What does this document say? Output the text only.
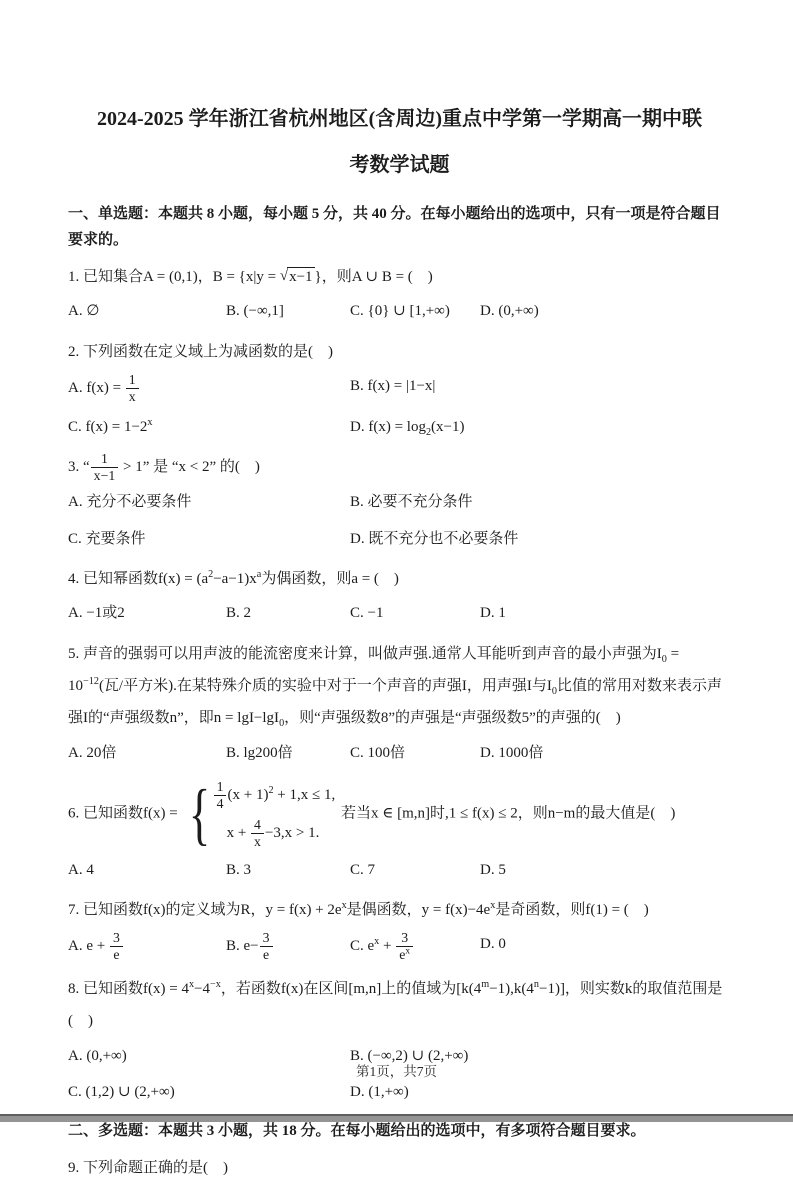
2024-2025 学年浙江省杭州地区(含周边)重点中学第一学期高一期中联
考数学试题
一、单选题：本题共 8 小题，每小题 5 分，共 40 分。在每小题给出的选项中，只有一项是符合题目要求的。
1. 已知集合A = (0,1)，B = {x|y = √x−1 }，则A ∪ B = (　)
A. ∅	B. (−∞,1]	C. {0} ∪ [1,+∞)	D. (0,+∞)
2. 下列函数在定义域上为减函数的是(　)
A. $f(x) = \frac{1}{x}$	B. f(x) = |1−x|
C. $f(x) = 1-2^x$	D. $f(x) = \log_2(x-1)$
3. “ $\frac{1}{x-1} > 1$” 是 “x < 2” 的(　)
A. 充分不必要条件	B. 必要不充分条件
C. 充要条件	D. 既不充分也不必要条件
4. 已知幂函数$f(x) = (a^2-a-1)x^a$为偶函数，则a = (　)
A. −1或2	B. 2	C. −1	D. 1
5. 声音的强弱可以用声波的能流密度来计算，叫做声强.通常人耳能听到声音的最小声强为$I_0 = 10^{-12}$(瓦/平方米).在某特殊介质的实验中对于一个声音的声强I，用声强I与$I_0$比值的常用对数来表示声强I的“声强级数n”，即n = lgI−lgI$_0$，则“声强级数8”的声强是“声强级数5”的声强的(　)
A. 20倍	B. lg200倍	C. 100倍	D. 1000倍
6. 已知函数f(x) = { $\frac{1}{4} (x + 1)^2 + 1,x \le 1$,
$x + \frac{4}{x} -3,x > 1$.
若当x ∈ [m,n]时,1 ≤ f(x) ≤ 2，则n−m的最大值是(　)
A. 4	B. 3	C. 7	D. 5
7. 已知函数f(x)的定义域为R，$y = f(x) + 2e^x$是偶函数，$y = f(x)-4e^x$是奇函数，则f(1) = (　)
A. $e + \frac{3}{e}$	B. $e- \frac{3}{e}$	C. $e^x + \frac{3}{e^x}$	D. 0
8. 已知函数$f(x) = 4^x-4^{-x}$，若函数f(x)在区间[m,n]上的值域为$[k(4^m-1),k(4^n-1)]$，则实数k的取值范围是(　)
A. (0,+∞)	B. (−∞,2) ∪ (2,+∞)
C. (1,2) ∪ (2,+∞)	D. (1,+∞)
二、多选题：本题共 3 小题，共 18 分。在每小题给出的选项中，有多项符合题目要求。
9. 下列命题正确的是(　)
第1页，共7页
